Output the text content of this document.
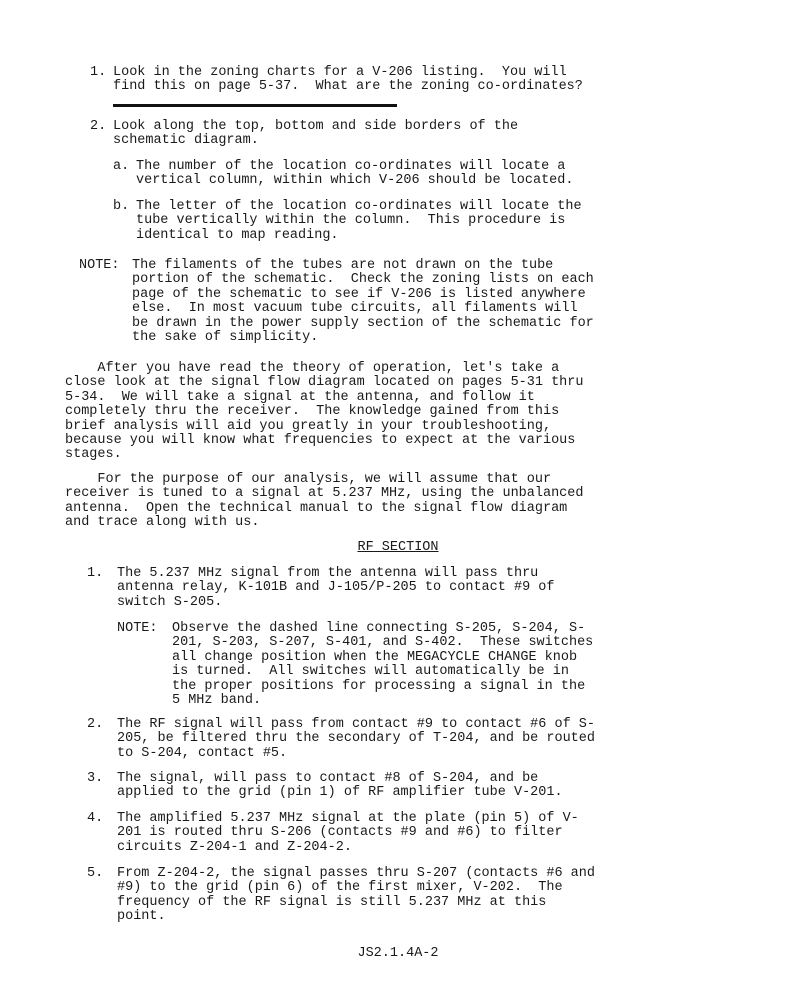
1. Look in the zoning charts for a V-206 listing.  You will
find this on page 5-37.  What are the zoning co-ordinates?
2. Look along the top, bottom and side borders of the
schematic diagram.
a. The number of the location co-ordinates will locate a
vertical column, within which V-206 should be located.
b. The letter of the location co-ordinates will locate the
tube vertically within the column.  This procedure is
identical to map reading.
NOTE: The filaments of the tubes are not drawn on the tube
portion of the schematic.  Check the zoning lists on each
page of the schematic to see if V-206 is listed anywhere
else.  In most vacuum tube circuits, all filaments will
be drawn in the power supply section of the schematic for
the sake of simplicity.
After you have read the theory of operation, let's take a
close look at the signal flow diagram located on pages 5-31 thru
5-34.  We will take a signal at the antenna, and follow it
completely thru the receiver.  The knowledge gained from this
brief analysis will aid you greatly in your troubleshooting,
because you will know what frequencies to expect at the various
stages.
For the purpose of our analysis, we will assume that our
receiver is tuned to a signal at 5.237 MHz, using the unbalanced
antenna.  Open the technical manual to the signal flow diagram
and trace along with us.
RF SECTION
1. The 5.237 MHz signal from the antenna will pass thru
antenna relay, K-101B and J-105/P-205 to contact #9 of
switch S-205.
NOTE: Observe the dashed line connecting S-205, S-204, S-
201, S-203, S-207, S-401, and S-402.  These switches
all change position when the MEGACYCLE CHANGE knob
is turned.  All switches will automatically be in
the proper positions for processing a signal in the
5 MHz band.
2. The RF signal will pass from contact #9 to contact #6 of S-
205, be filtered thru the secondary of T-204, and be routed
to S-204, contact #5.
3. The signal, will pass to contact #8 of S-204, and be
applied to the grid (pin 1) of RF amplifier tube V-201.
4. The amplified 5.237 MHz signal at the plate (pin 5) of V-
201 is routed thru S-206 (contacts #9 and #6) to filter
circuits Z-204-1 and Z-204-2.
5. From Z-204-2, the signal passes thru S-207 (contacts #6 and
#9) to the grid (pin 6) of the first mixer, V-202.  The
frequency of the RF signal is still 5.237 MHz at this
point.
JS2.1.4A-2
